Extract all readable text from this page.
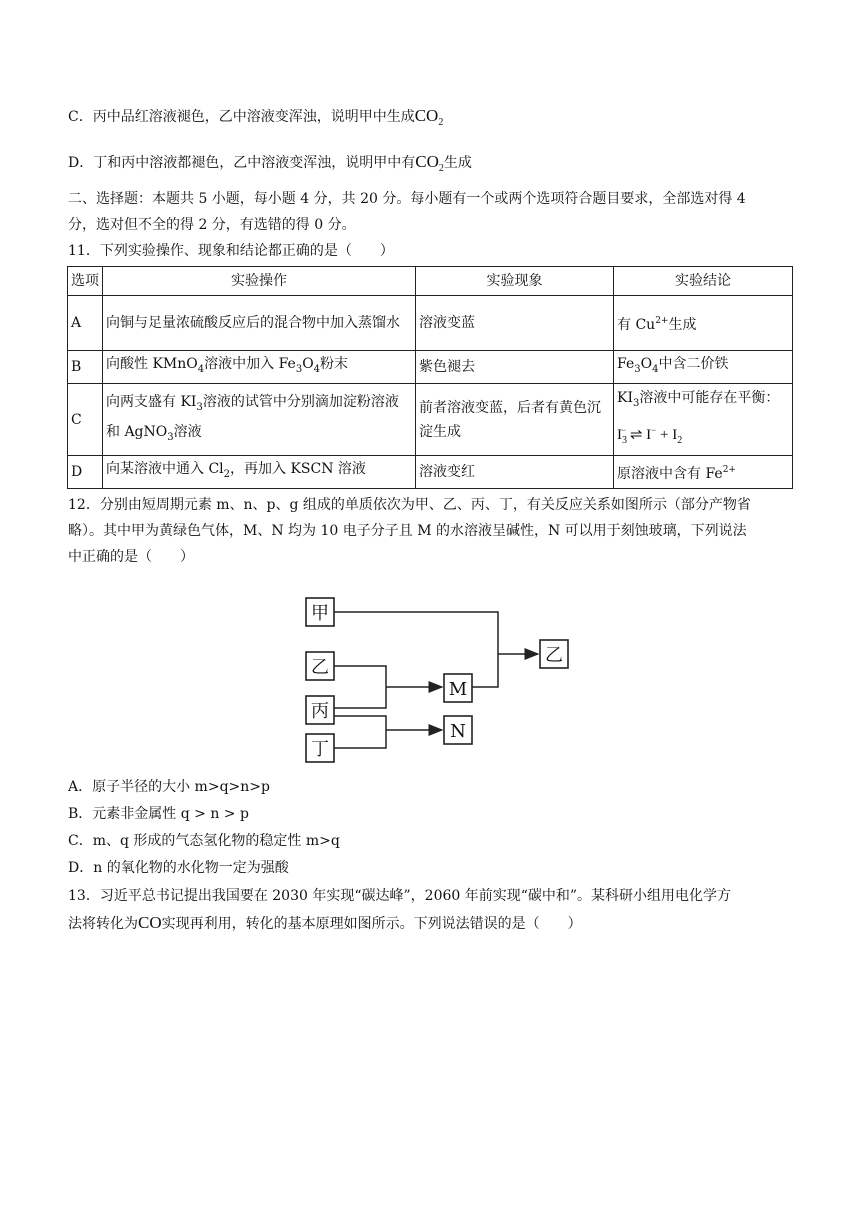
C．丙中品红溶液褪色，乙中溶液变浑浊，说明甲中生成$CO_2$
D．丁和丙中溶液都褪色，乙中溶液变浑浊，说明甲中有$CO_2$生成
二、选择题：本题共 5 小题，每小题 4 分，共 20 分。每小题有一个或两个选项符合题目要求，全部选对得 4
分，选对但不全的得 2 分，有选错的得 0 分。
11．下列实验操作、现象和结论都正确的是（　　）
选项	实验操作	实验现象	实验结论
A	向铜与足量浓硫酸反应后的混合物中加入蒸馏水	溶液变蓝	有 $Cu^{2+}$生成
B	向酸性 KMnO$_4$溶液中加入 $Fe_3O_4$粉末	紫色褪去	$Fe_3O_4$中含二价铁
C	向两支盛有 $KI_3$溶液的试管中分别滴加淀粉溶液和 AgNO$_3$溶液	前者溶液变蓝，后者有黄色沉淀生成	$KI_3$溶液中可能存在平衡：
$I_3^-$ ⇌ $I^- + I_2$

D	向某溶液中通入 $Cl_2$，再加入 KSCN 溶液	溶液变红	原溶液中含有 $Fe^{2+}$
12．分别由短周期元素 m、n、p、g 组成的单质依次为甲、乙、丙、丁，有关反应关系如图所示（部分产物省
略）。其中甲为黄绿色气体，M、N 均为 10 电子分子且 M 的水溶液呈碱性，N 可以用于刻蚀玻璃，下列说法
中正确的是（　　）
甲
乙
丙
丁
M
N
乙
A．原子半径的大小 m>q>n>p
B．元素非金属性 q > n > p
C．m、q 形成的气态氢化物的稳定性 m>q
D．n 的氧化物的水化物一定为强酸
13．习近平总书记提出我国要在 2030 年实现“碳达峰”，2060 年前实现“碳中和”。某科研小组用电化学方
法将转化为CO实现再利用，转化的基本原理如图所示。下列说法错误的是（　　）
